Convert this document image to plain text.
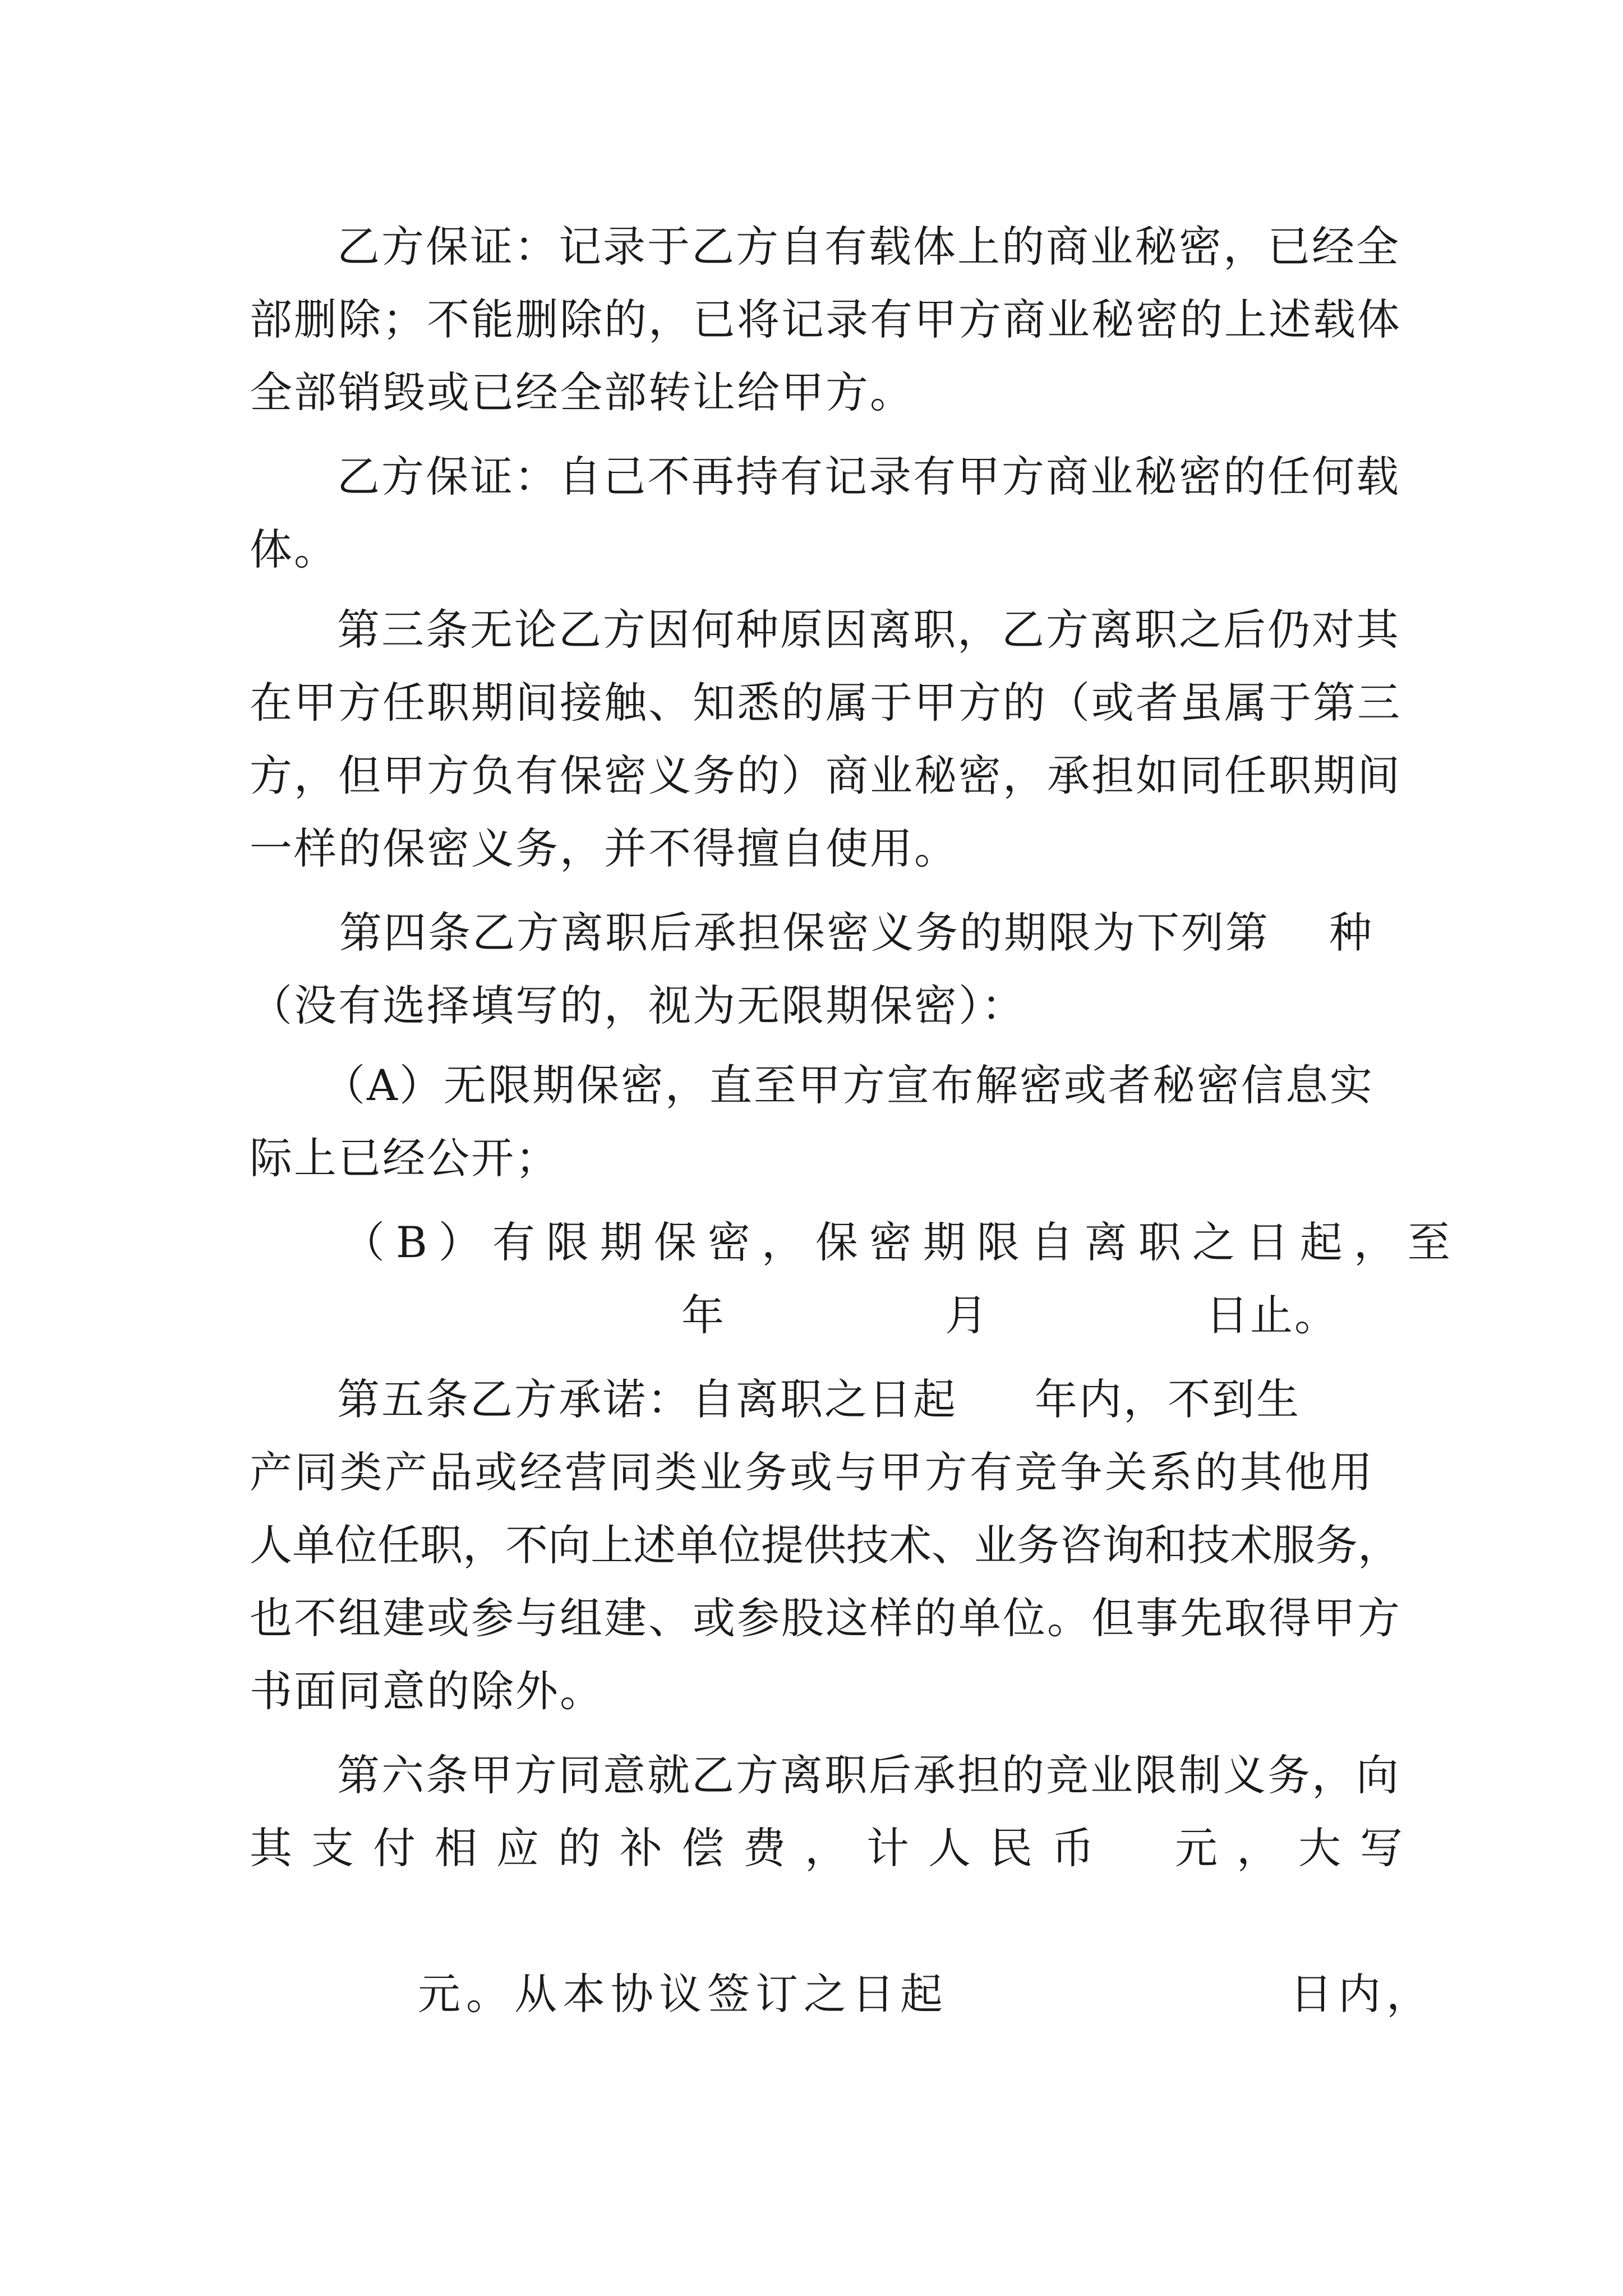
乙方保证：记录于乙方自有载体上的商业秘密，已经全
部删除；不能删除的，已将记录有甲方商业秘密的上述载体
全部销毁或已经全部转让给甲方。
乙方保证：自己不再持有记录有甲方商业秘密的任何载
体。
第三条无论乙方因何种原因离职，乙方离职之后仍对其
在甲方任职期间接触、知悉的属于甲方的（或者虽属于第三
方，但甲方负有保密义务的）商业秘密，承担如同任职期间
一样的保密义务，并不得擅自使用。
第四条乙方离职后承担保密义务的期限为下列第 种
（没有选择填写的，视为无限期保密）：
（A）无限期保密，直至甲方宣布解密或者秘密信息实
际上已经公开；
（B）有限期保密，保密期限自离职之日起，至
年	月	日止。
第五条乙方承诺：自离职之日起 年内，不到生
产同类产品或经营同类业务或与甲方有竞争关系的其他用
人单位任职，不向上述单位提供技术、业务咨询和技术服务，
也不组建或参与组建、或参股这样的单位。但事先取得甲方
书面同意的除外。
第六条甲方同意就乙方离职后承担的竞业限制义务，向
其支付相应的补偿费，计人民币 元，大写
元。从本协议签订之日起	日内，
